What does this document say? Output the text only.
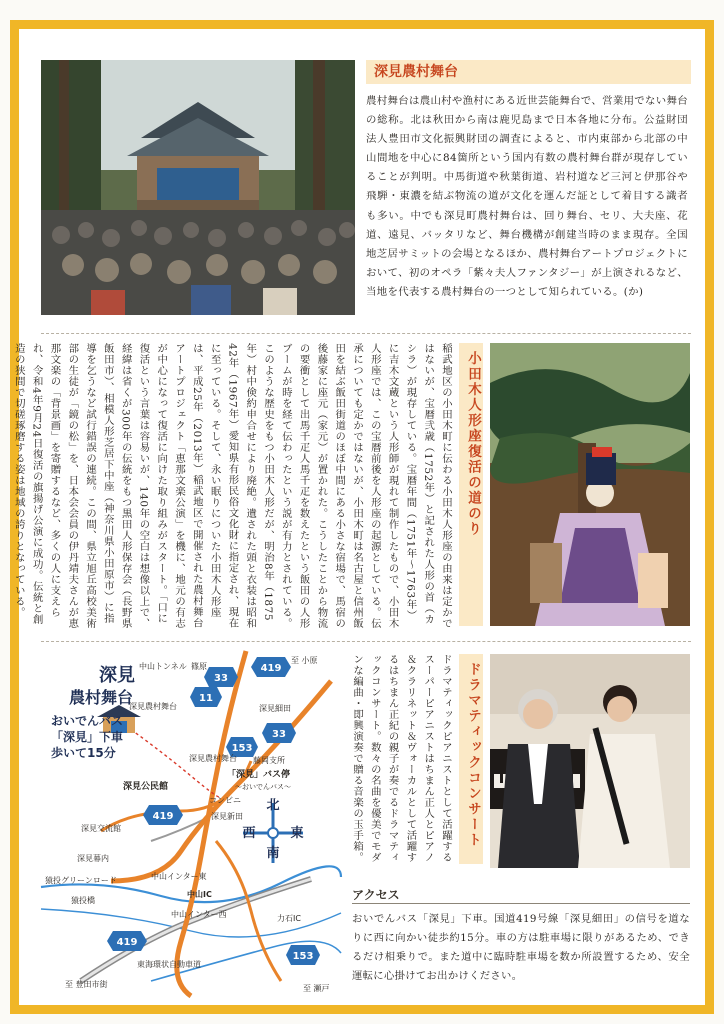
深見農村舞台

農村舞台は農山村や漁村にある近世芸能舞台で、営業用でない舞台の総称。北は秋田から南は鹿児島まで日本各地に分布。公益財団法人豊田市文化振興財団の調査によると、市内東部から北部の中山間地を中心に84箇所という国内有数の農村舞台群が現存していることが判明。中馬街道や秋葉街道、岩村道など三河と伊那谷や飛騨・東濃を結ぶ物流の道が文化を運んだ証として着目する識者も多い。中でも深見町農村舞台は、回り舞台、セリ、大夫座、花道、遠見、バッタリなど、舞台機構が創建当時のまま現存。全国地芝居サミットの会場となるほか、農村舞台アートプロジェクトにおいて、初のオペラ「紫々夫人ファンタジー」が上演されるなど、当地を代表する農村舞台の一つとして知られている。(か)

小田木人形座復活の道のり

稲武地区の小田木町に伝わる小田木人形座の由来は定かではないが、宝暦弐歳（1752年）と記された人形の首（カシラ）が現存している。宝暦年間（1751年〜1763年）に吉木文蔵という人形師が現れて制作したもので、小田木人形座では、この宝暦前後を人形座の起源としている。伝承についても定かではないが、小田木町は名古屋と信州飯田を結ぶ飯田街道のほぼ中間にある小さな宿場で、馬宿の後藤家に座元（家元）が置かれた。こうしたことから物流の要衝として出馬千疋人馬千疋を数えたという飯田の人形ブームが時を経て伝わったという説が有力とされている。このような歴史をもつ小田木人形だが、明治8年（1875年）村中倹約申合せにより廃絶。遺された頭と衣装は昭和42年（1967年）愛知県有形民俗文化財に指定され、現在に至っている。そして、永い眠りについた小田木人形座は、平成25年（2013年）稲武地区で開催された農村舞台アートプロジェクト「恵那文楽公演」を機に、地元の有志が中心になって復活に向けた取り組みがスタート。「口に復活という言葉は容易いが、140年の空白は想像以上で、経緯は省くが300年の伝統をもつ黒田人形保存会（長野県飯田市）、相模人形芝居下中座（神奈川県小田原市）に指導を乞うなど試行錯誤の連続。この間、県立旭丘高校美術部の生徒が「鏡の松」を、日本会会員の伊丹靖夫さんが恵那文楽の「背景画」を寄贈するなど、多くの人に支えられ、令和4年9月24日復活の旗揚げ公演に成功。伝統と創造の狭間で切磋琢磨する姿は地域の誇りとなっている。

ドラマティックコンサート

ドラマティックピアニストとして活躍するスーパーピアニストはちまん正人とピアノ＆クラリネット＆ヴォーカルとして活躍するはちまん正紀の親子が奏でるドラマティックコンサート。数々の名曲を優美でモダンな編曲・即興演奏で贈る音楽の玉手箱。

419
33
11
33
153
419
419
153
深見
農村舞台
おいでんバス
「深見」下車
歩いて15分
中山トンネル 篠原
至 小原
深見農村舞台	深見細田
藤岡支所
深見農村舞台
「深見」バス停
〜おいでんバス〜
深見公民館
コンビニ
深見新田
深見交流館
深見幕内
猿投グリーンロード	中山インター東
中山IC
中山インター西
猿投橋
力石IC
東海環状自動車道
至 豊田市街	至 瀬戸
北
南
東
西
アクセス

おいでんバス「深見」下車。国道419号線「深見細田」の信号を道なりに西に向かい徒歩約15分。車の方は駐車場に限りがあるため、できるだけ相乗りで。また道中に臨時駐車場を数か所設置するため、安全運転に心掛けてお出かけください。
